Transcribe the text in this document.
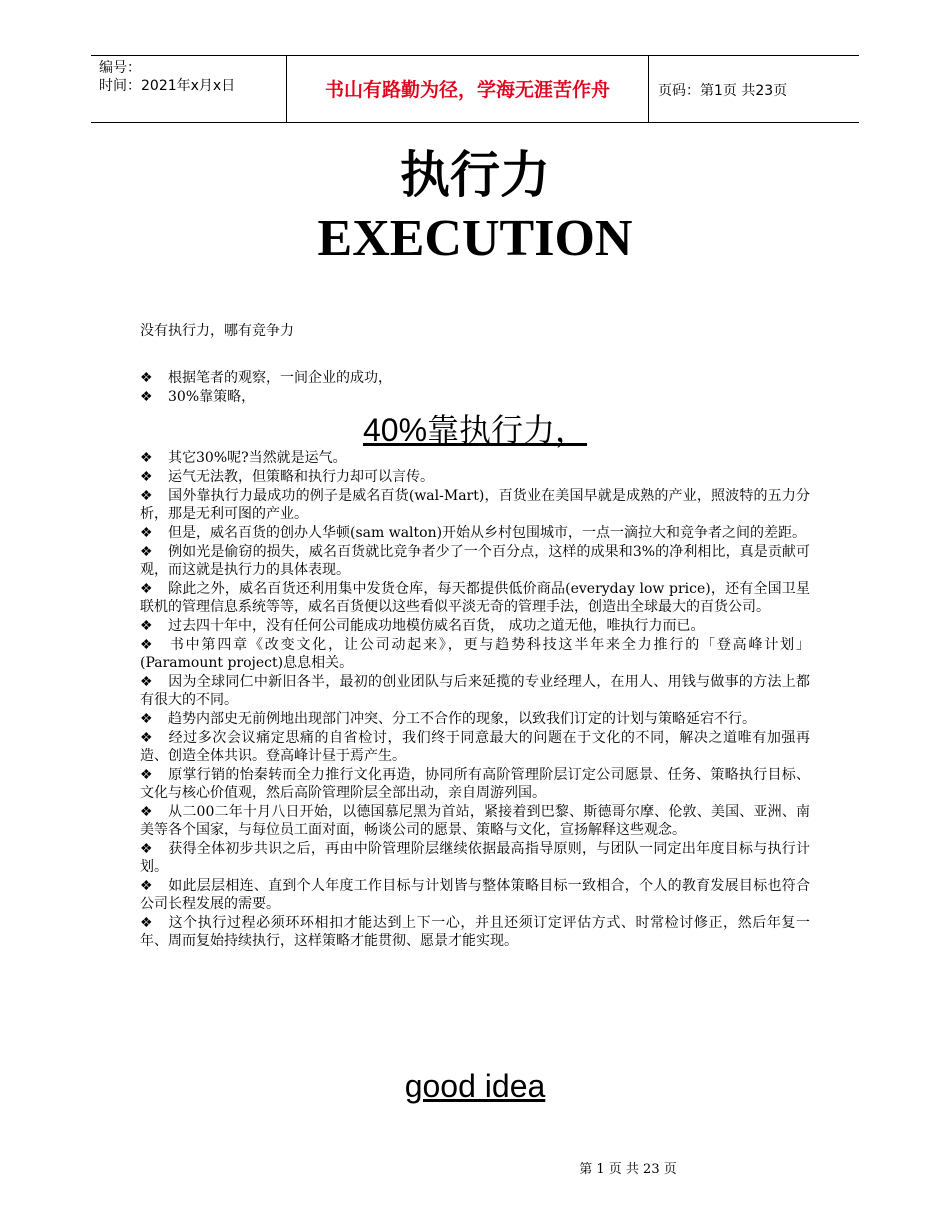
编号：
时间：2021年x月x日	书山有路勤为径，学海无涯苦作舟	页码：第1页 共23页
执行力
EXECUTION
没有执行力，哪有竞争力
❖ 根据笔者的观察，一间企业的成功，
❖ 30%靠策略，
40%靠执行力，

❖ 其它30%呢?当然就是运气。

❖ 运气无法教，但策略和执行力却可以言传。

❖ 国外靠执行力最成功的例子是威名百货(wal-Mart)，百货业在美国早就是成熟的产业，照波特的五力分析，那是无利可图的产业。

❖ 但是，威名百货的创办人华顿(sam walton)开始从乡村包围城市，一点一滴拉大和竞争者之间的差距。

❖ 例如光是偷窃的损失，威名百货就比竞争者少了一个百分点，这样的成果和3%的净利相比，真是贡献可观，而这就是执行力的具体表现。

❖ 除此之外，威名百货还利用集中发货仓库，每天都提供低价商品(everyday low price)，还有全国卫星联机的管理信息系统等等，威名百货便以这些看似平淡无奇的管理手法，创造出全球最大的百货公司。

❖ 过去四十年中，没有任何公司能成功地模仿威名百货， 成功之道无他，唯执行力而已。

❖ 书中第四章《改变文化，让公司动起来》，更与趋势科技这半年来全力推行的「登高峰计划」(Paramount project)息息相关。

❖ 因为全球同仁中新旧各半，最初的创业团队与后来延揽的专业经理人，在用人、用钱与做事的方法上都有很大的不同。

❖ 趋势内部史无前例地出现部门冲突、分工不合作的现象，以致我们订定的计划与策略延宕不行。

❖ 经过多次会议痛定思痛的自省检讨，我们终于同意最大的问题在于文化的不同，解决之道唯有加强再造、创造全体共识。登高峰计昼于焉产生。

❖ 原掌行销的怡秦转而全力推行文化再造，协同所有高阶管理阶层订定公司愿景、任务、策略执行目标、文化与核心价值观，然后高阶管理阶层全部出动，亲自周游列国。

❖ 从二00二年十月八日开始，以德国慕尼黑为首站，紧接着到巴黎、斯德哥尔摩、伦敦、美国、亚洲、南美等各个国家，与每位员工面对面，畅谈公司的愿景、策略与文化，宣扬解释这些观念。

❖ 获得全体初步共识之后，再由中阶管理阶层继续依据最高指导原则，与团队一同定出年度目标与执行计划。

❖ 如此层层相连、直到个人年度工作目标与计划皆与整体策略目标一致相合，个人的教育发展目标也符合公司长程发展的需要。

❖ 这个执行过程必须环环相扣才能达到上下一心，并且还须订定评估方式、时常检讨修正，然后年复一年、周而复始持续执行，这样策略才能贯彻、愿景才能实现。

good idea
第 1 页 共 23 页
